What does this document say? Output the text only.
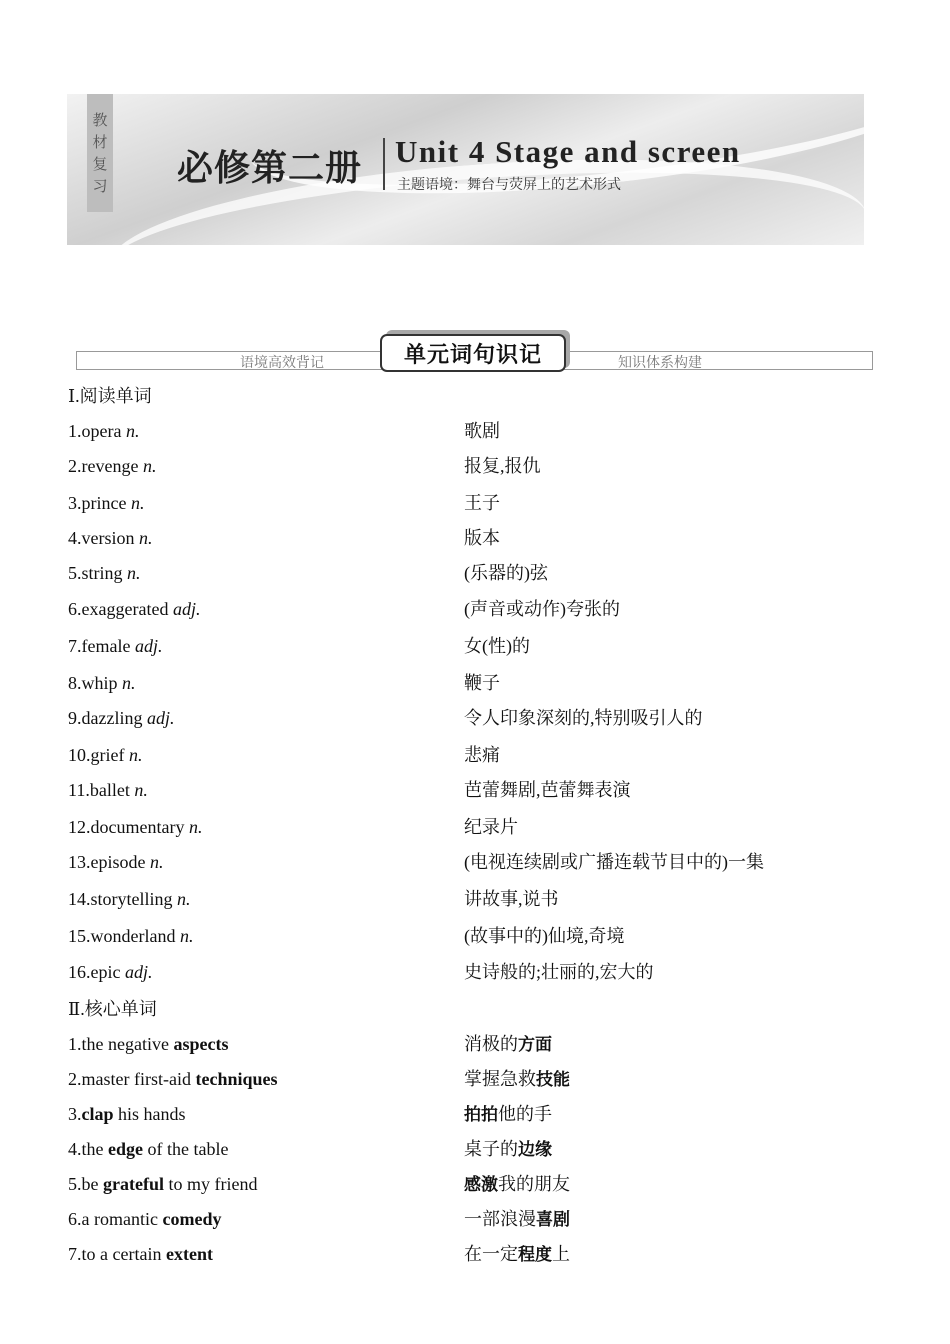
教
材
复
习 必修第二册 Unit 4 Stage and screen
主题语境：舞台与荧屏上的艺术形式
语境高效背记	知识体系构建
单元词句识记
Ⅰ.阅读单词
1.opera n.	歌剧
2.revenge n.	报复,报仇
3.prince n.	王子
4.version n.	版本
5.string n.	(乐器的)弦
6.exaggerated adj.	(声音或动作)夸张的
7.female adj.	女(性)的
8.whip n.	鞭子
9.dazzling adj.	令人印象深刻的,特别吸引人的
10.grief n.	悲痛
11.ballet n.	芭蕾舞剧,芭蕾舞表演
12.documentary n.	纪录片
13.episode n.	(电视连续剧或广播连载节目中的)一集
14.storytelling n.	讲故事,说书
15.wonderland n.	(故事中的)仙境,奇境
16.epic adj.	史诗般的;壮丽的,宏大的
Ⅱ.核心单词
1.the negative aspects	消极的方面
2.master first-aid techniques	掌握急救技能
3.clap his hands	拍拍他的手
4.the edge of the table	桌子的边缘
5.be grateful to my friend	感激我的朋友
6.a romantic comedy	一部浪漫喜剧
7.to a certain extent	在一定程度上
